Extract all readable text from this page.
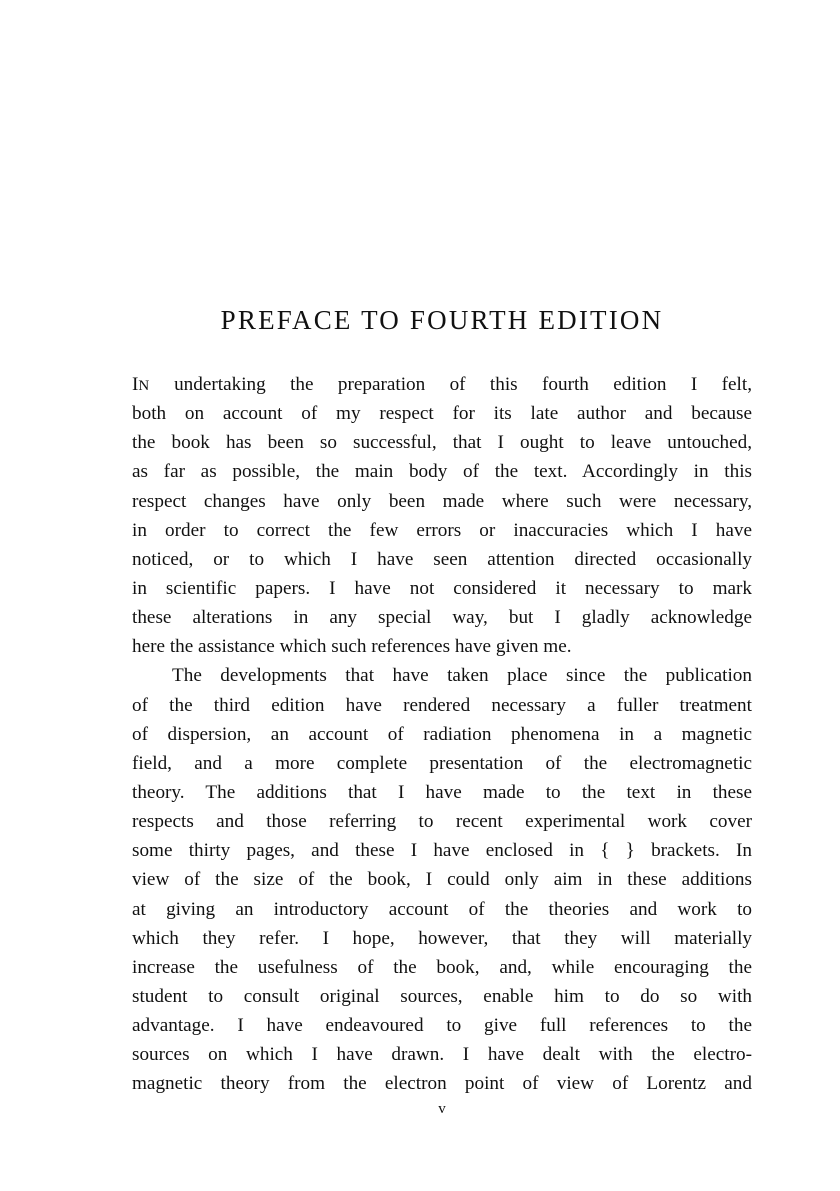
PREFACE TO FOURTH EDITION
IN undertaking the preparation of this fourth edition I felt,
both on account of my respect for its late author and because
the book has been so successful, that I ought to leave untouched,
as far as possible, the main body of the text. Accordingly in this
respect changes have only been made where such were necessary,
in order to correct the few errors or inaccuracies which I have
noticed, or to which I have seen attention directed occasionally
in scientific papers. I have not considered it necessary to mark
these alterations in any special way, but I gladly acknowledge
here the assistance which such references have given me.
The developments that have taken place since the publication
of the third edition have rendered necessary a fuller treatment
of dispersion, an account of radiation phenomena in a magnetic
field, and a more complete presentation of the electromagnetic
theory. The additions that I have made to the text in these
respects and those referring to recent experimental work cover
some thirty pages, and these I have enclosed in { } brackets. In
view of the size of the book, I could only aim in these additions
at giving an introductory account of the theories and work to
which they refer. I hope, however, that they will materially
increase the usefulness of the book, and, while encouraging the
student to consult original sources, enable him to do so with
advantage. I have endeavoured to give full references to the
sources on which I have drawn. I have dealt with the electro-
magnetic theory from the electron point of view of Lorentz and
v
